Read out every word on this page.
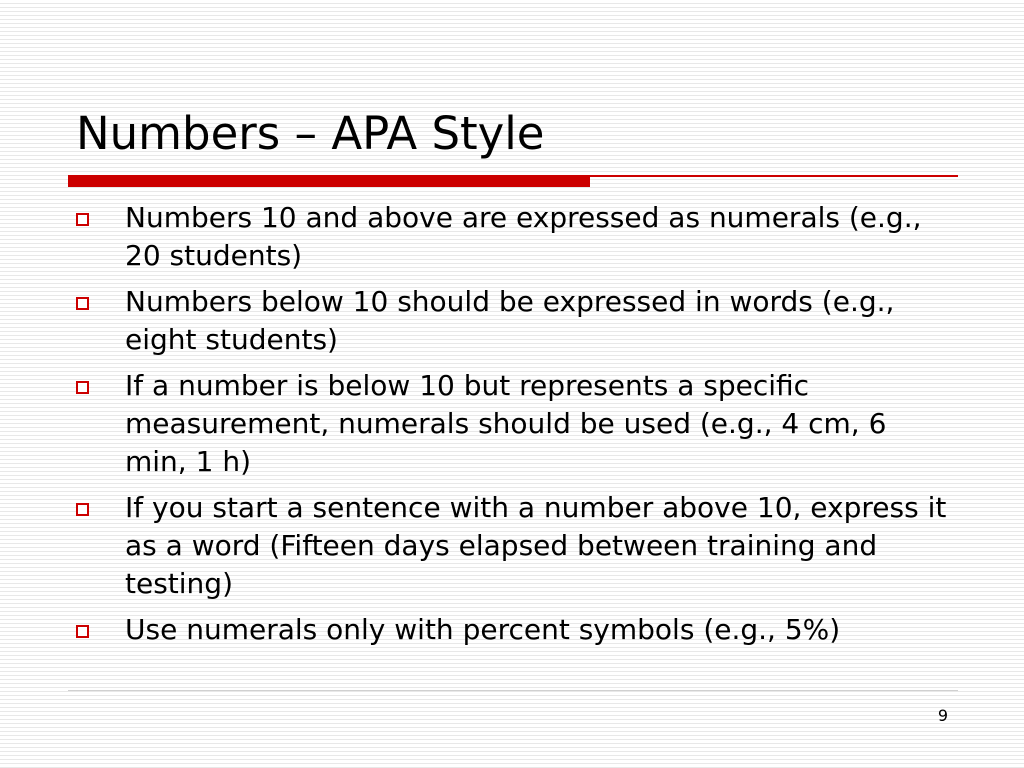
Numbers – APA Style
Numbers 10 and above are expressed as numerals (e.g., 20 students)
Numbers below 10 should be expressed in words (e.g., eight students)
If a number is below 10 but represents a specific measurement, numerals should be used (e.g., 4 cm, 6 min, 1 h)
If you start a sentence with a number above 10, express it as a word (Fifteen days elapsed between training and testing)
Use numerals only with percent symbols (e.g., 5%)
9
